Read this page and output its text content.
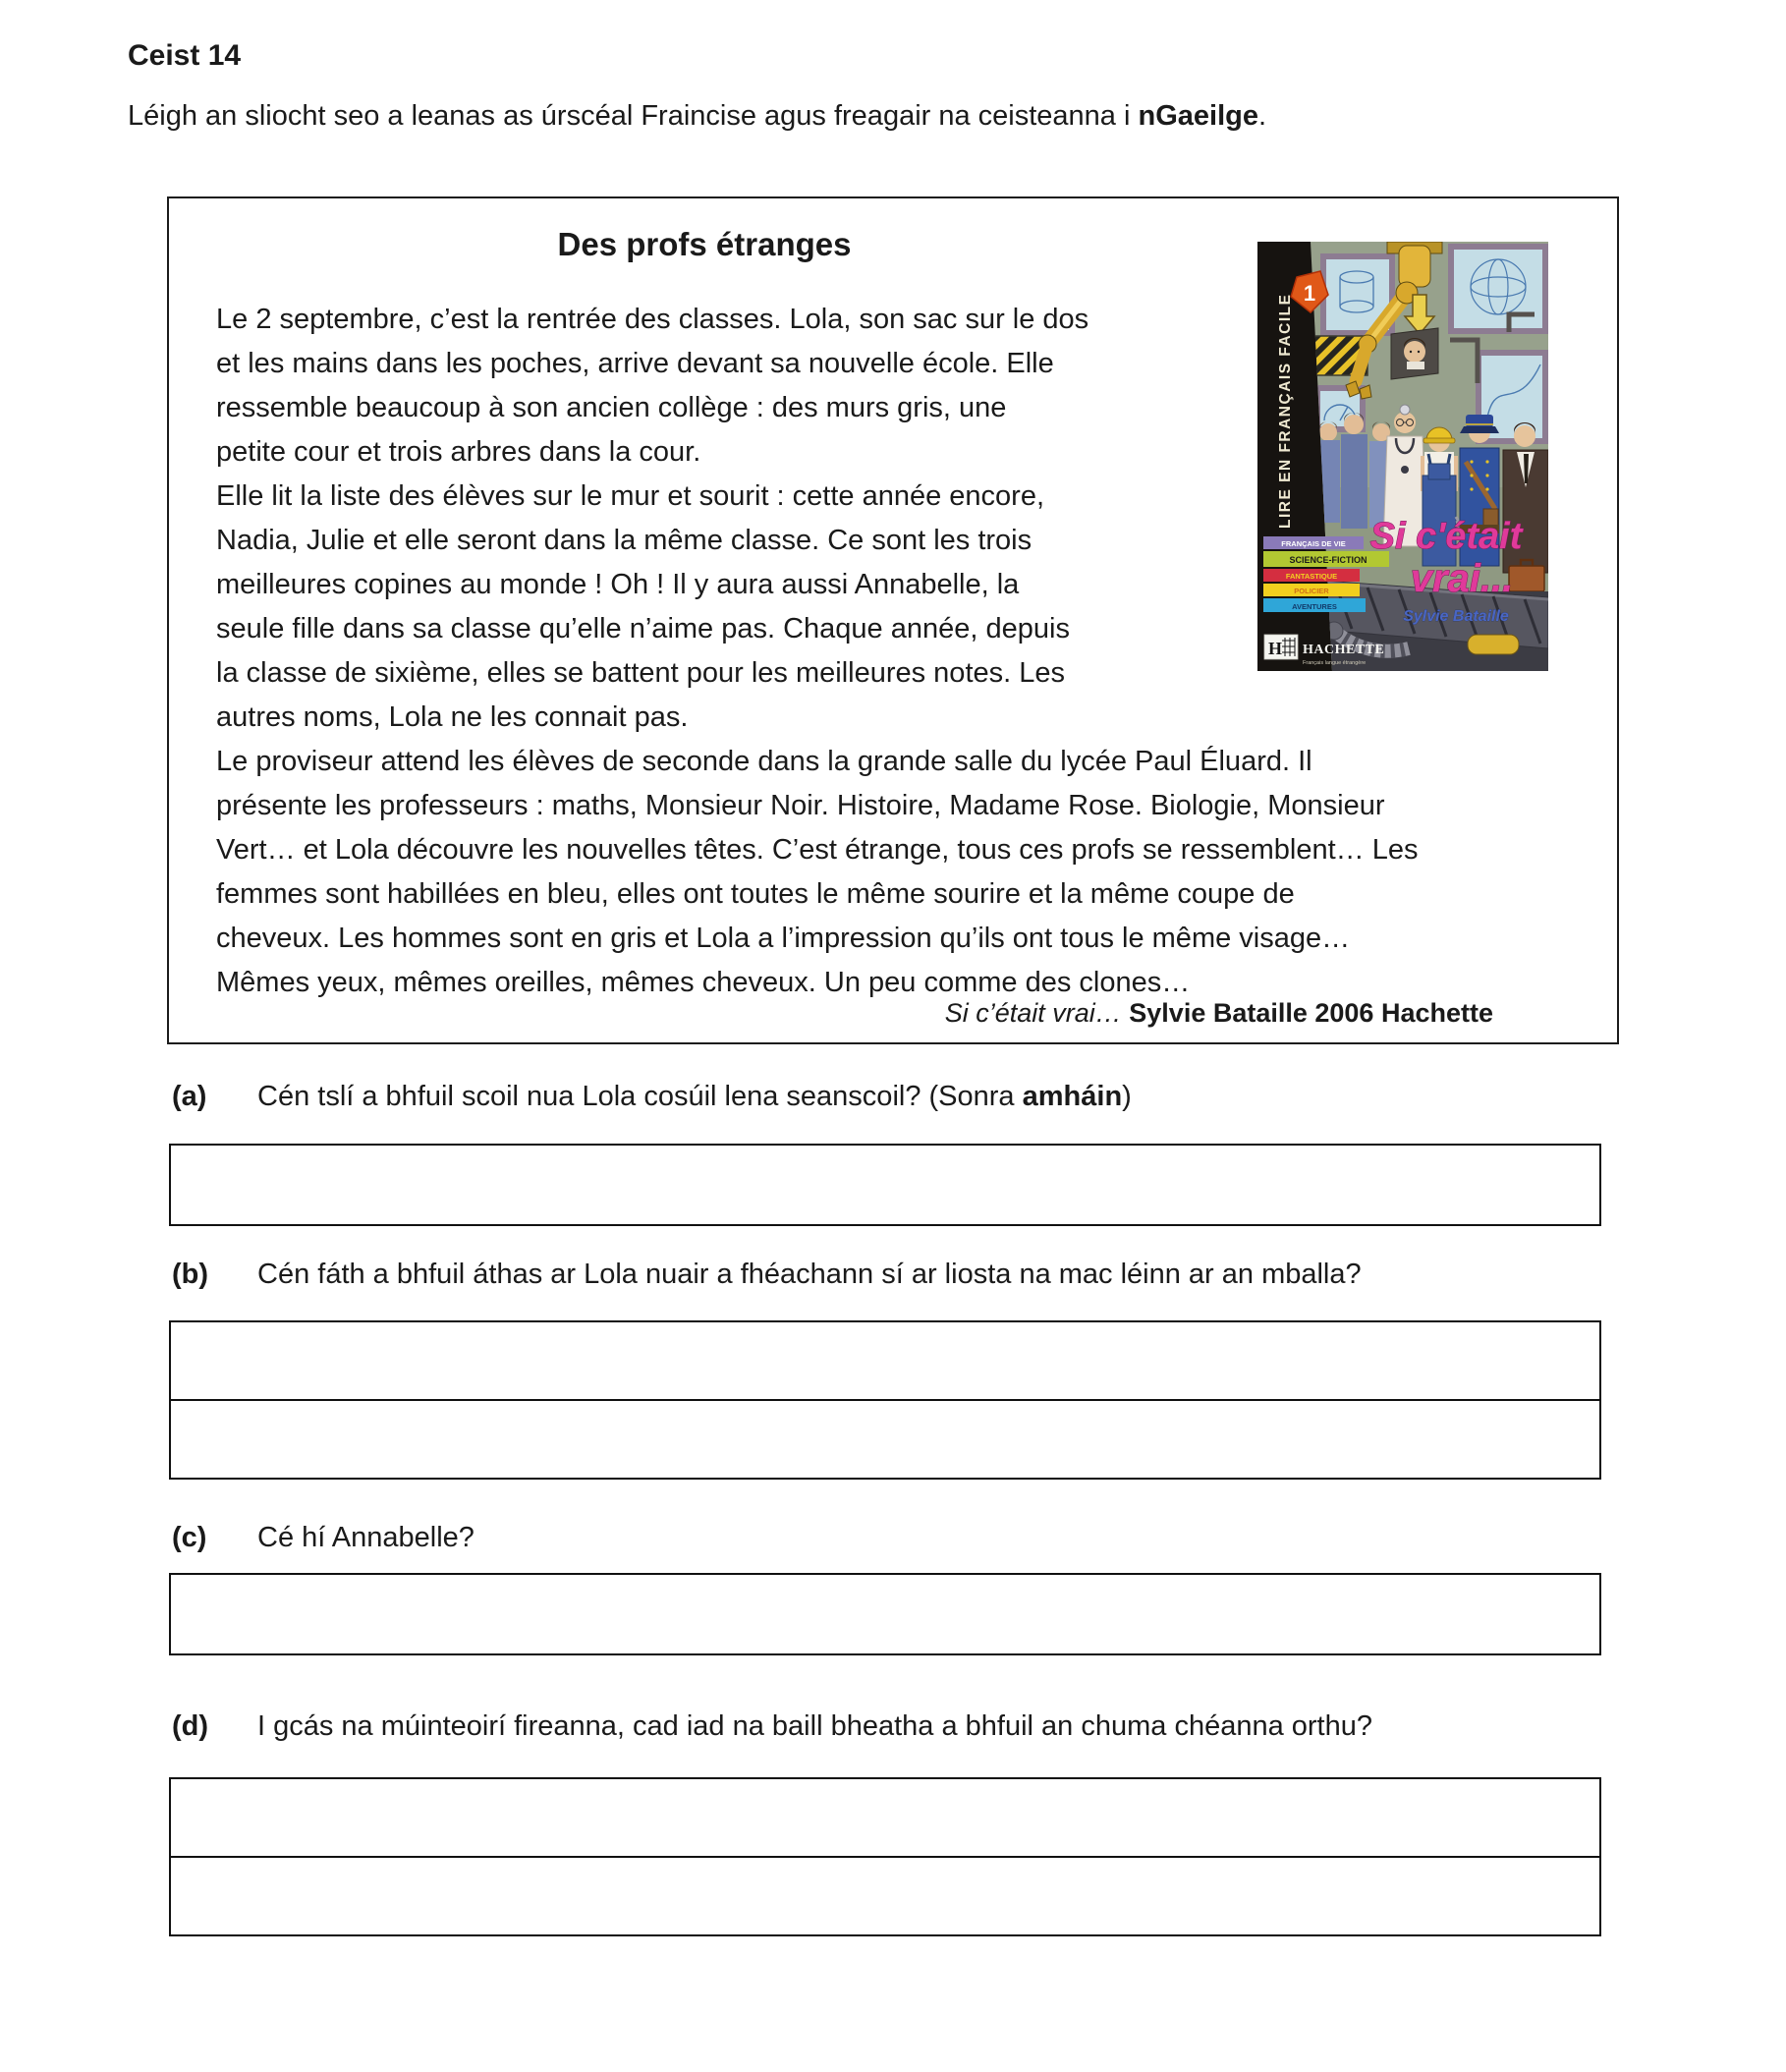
Ceist 14
Léigh an sliocht seo a leanas as úrscéal Fraincise agus freagair na ceisteanna i nGaeilge.
Des profs étranges
Le 2 septembre, c’est la rentrée des classes. Lola, son sac sur le dos
et les mains dans les poches, arrive devant sa nouvelle école. Elle
ressemble beaucoup à son ancien collège : des murs gris, une
petite cour et trois arbres dans la cour.
Elle lit la liste des élèves sur le mur et sourit : cette année encore,
Nadia, Julie et elle seront dans la même classe. Ce sont les trois
meilleures copines au monde ! Oh ! Il y aura aussi Annabelle, la
seule fille dans sa classe qu’elle n’aime pas. Chaque année, depuis
la classe de sixième, elles se battent pour les meilleures notes. Les
autres noms, Lola ne les connait pas.
Le proviseur attend les élèves de seconde dans la grande salle du lycée Paul Éluard. Il
présente les professeurs : maths, Monsieur Noir. Histoire, Madame Rose. Biologie, Monsieur
Vert… et Lola découvre les nouvelles têtes. C’est étrange, tous ces profs se ressemblent… Les
femmes sont habillées en bleu, elles ont toutes le même sourire et la même coupe de
cheveux. Les hommes sont en gris et Lola a l’impression qu’ils ont tous le même visage…
Mêmes yeux, mêmes oreilles, mêmes cheveux. Un peu comme des clones…
Si c’était vrai… Sylvie Bataille 2006 Hachette
1
LIRE EN FRANÇAIS FACILE
FRANÇAIS DE VIE
SCIENCE-FICTION
FANTASTIQUE
POLICIER
AVENTURES
Si c'était
vrai...
Sylvie Bataille
H HACHETTE
Français langue étrangère
(a)	Cén tslí a bhfuil scoil nua Lola cosúil lena seanscoil? (Sonra amháin)
(b)	Cén fáth a bhfuil áthas ar Lola nuair a fhéachann sí ar liosta na mac léinn ar an mballa?
(c)	Cé hí Annabelle?
(d)	I gcás na múinteoirí fireanna, cad iad na baill bheatha a bhfuil an chuma chéanna orthu?
